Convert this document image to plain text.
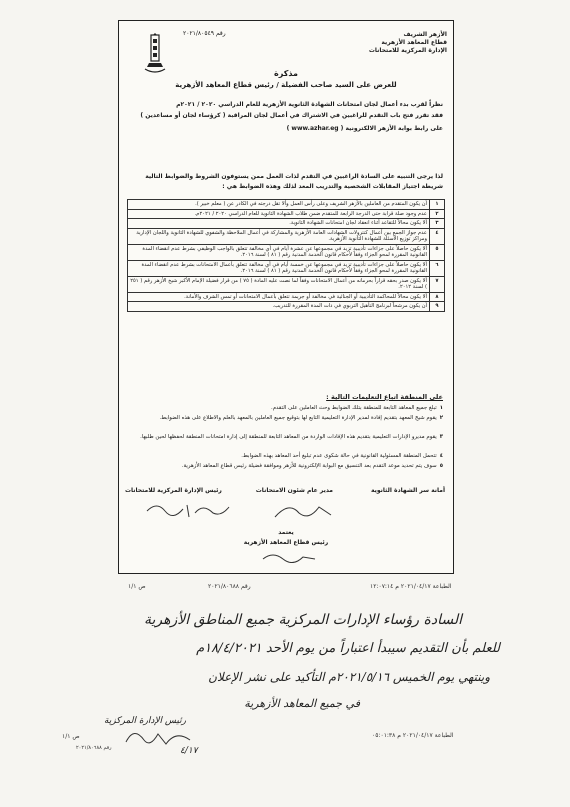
الأزهر الشريف
قطاع المعاهد الأزهرية
الإدارة المركزية للامتحانات
رقم ٢٠٢١/٨٠٥٤٩
مذكرة
للعرض على السيد صاحب الفضيلة / رئيس قطاع المعاهد الأزهرية
نظراً لقرب بدء أعمال لجان امتحانات الشهادة الثانوية الأزهرية للعام الدراسي ٢٠٢٠ / ٢٠٢١م
فقد تقرر فتح باب التقدم للراغبين في الاشتراك في أعمال لجان المراقبة ( كرؤساء لجان أو مساعدين )
على رابط بوابة الأزهر الالكترونية ( www.azhar.eg )
لذا يرجى التنبيه على السادة الراغبين في التقدم لذات العمل ممن يستوفون الشروط والضوابط التالية
شريطة اجتياز المقابلات الشخصية والتدريب المعد لذلك وهذه الضوابط هي :
١	أن يكون المتقدم من العاملين بالأزهر الشريف وعلى رأس العمل وألا تقل درجته في الكادر عن ( معلم خبير ).
٢	عدم وجود صلة قرابة حتى الدرجة الرابعة للمتقدم ضمن طلاب الشهادة الثانوية للعام الدراسي ٢٠٢٠ / ٢٠٢١م.
٣	ألا يكون محالاً للتقاعد أثناء انعقاد لجان امتحانات الشهادة الثانوية.
٤	عدم جواز الجمع بين أعمال كنترولات الشهادات العامة الأزهرية والمشاركة في أعمال الملاحظة والشفوي للشهادة الثانوية واللجان الإدارية ومراكز توزيع الأسئلة للشهادة الثانوية الأزهرية.
٥	ألا يكون حاصلاً على جزاءات تأديبية تزيد في مجموعها عن عشرة أيام في أي مخالفة تتعلق بالواجب الوظيفي بشرط عدم انقضاء المدة القانونية المقررة لمحو الجزاء وفقاً لأحكام قانون الخدمة المدنية رقم ( ٨١ ) لسنة ٢٠١٦.
٦	ألا يكون حاصلاً على جزاءات تأديبية تزيد في مجموعها عن خمسة أيام في أي مخالفة تتعلق بأعمال الامتحانات بشرط عدم انقضاء المدة القانونية المقررة لمحو الجزاء وفقاً لأحكام قانون الخدمة المدنية رقم ( ٨١ ) لسنة ٢٠١٦.
٧	ألا يكون صدر بحقه قراراً بحرمانه من أعمال الامتحانات وفقاً لما نصت عليه المادة ( ٧٥ ) من قرار فضيلة الإمام الأكبر شيخ الأزهر رقم ( ٢٥١ ) لسنة ٢٠١٢.
٨	ألا يكون محالاً للمحاكمة التأديبية أو الجنائية في مخالفة أو جريمة تتعلق بأعمال الامتحانات أو تمس الشرف والأمانة.
٩	أن يكون مرشحاً لبرنامج التأهيل التربوي في ذات المدة المقررة للتدريب.
على المنطقة اتباع التعليمات التالية :
أمانة سر الشهادة الثانوية
مدير عام شئون الامتحانات
رئيس الإدارة المركزية للامتحانات
يعتمد
رئيس قطاع المعاهد الأزهرية
١تبلغ جميع المعاهد التابعة للمنطقة بتلك الضوابط وحث العاملين على التقدم.
٢يقوم شيخ المعهد بتقديم إفادة لمدير الإدارة التعليمية التابع لها بتوقيع جميع العاملين بالمعهد بالعلم والاطلاع على هذه الضوابط.
٣يقوم مديرو الإدارات التعليمية بتقديم هذه الإفادات الواردة من المعاهد التابعة للمنطقة إلى إدارة امتحانات المنطقة لحفظها لحين طلبها.
٤تتحمل المنطقة المسئولية القانونية في حالة شكوى عدم تبليغ أحد المعاهد بهذه الضوابط.
٥سوف يتم تحديد موعد التقدم بعد التنسيق مع البوابة الإلكترونية للأزهر وموافقة فضيلة رئيس قطاع المعاهد الأزهرية.
ص ١/١	رقم ٢٠٢١/٨٠٦٨٨	الطباعة ٢٠٢١/٠٤/١٧ م ١٢:٠٧:١٤
السادة رؤساء الإدارات المركزية جميع المناطق الأزهرية
للعلم بأن التقديم سيبدأ اعتباراً من يوم الأحد ١٨/٤/٢٠٢١م
وينتهي يوم الخميس ٢٠٢١/٥/١٦م التأكيد على نشر الإعلان
في جميع المعاهد الأزهرية
رئيس الإدارة المركزية
٤/١٧
ص ١/١
رقم ٢٠٢١/٨٠٦٨٨
الطباعة ٢٠٢١/٠٤/١٧ م ٠٥:٠١:٣٨
